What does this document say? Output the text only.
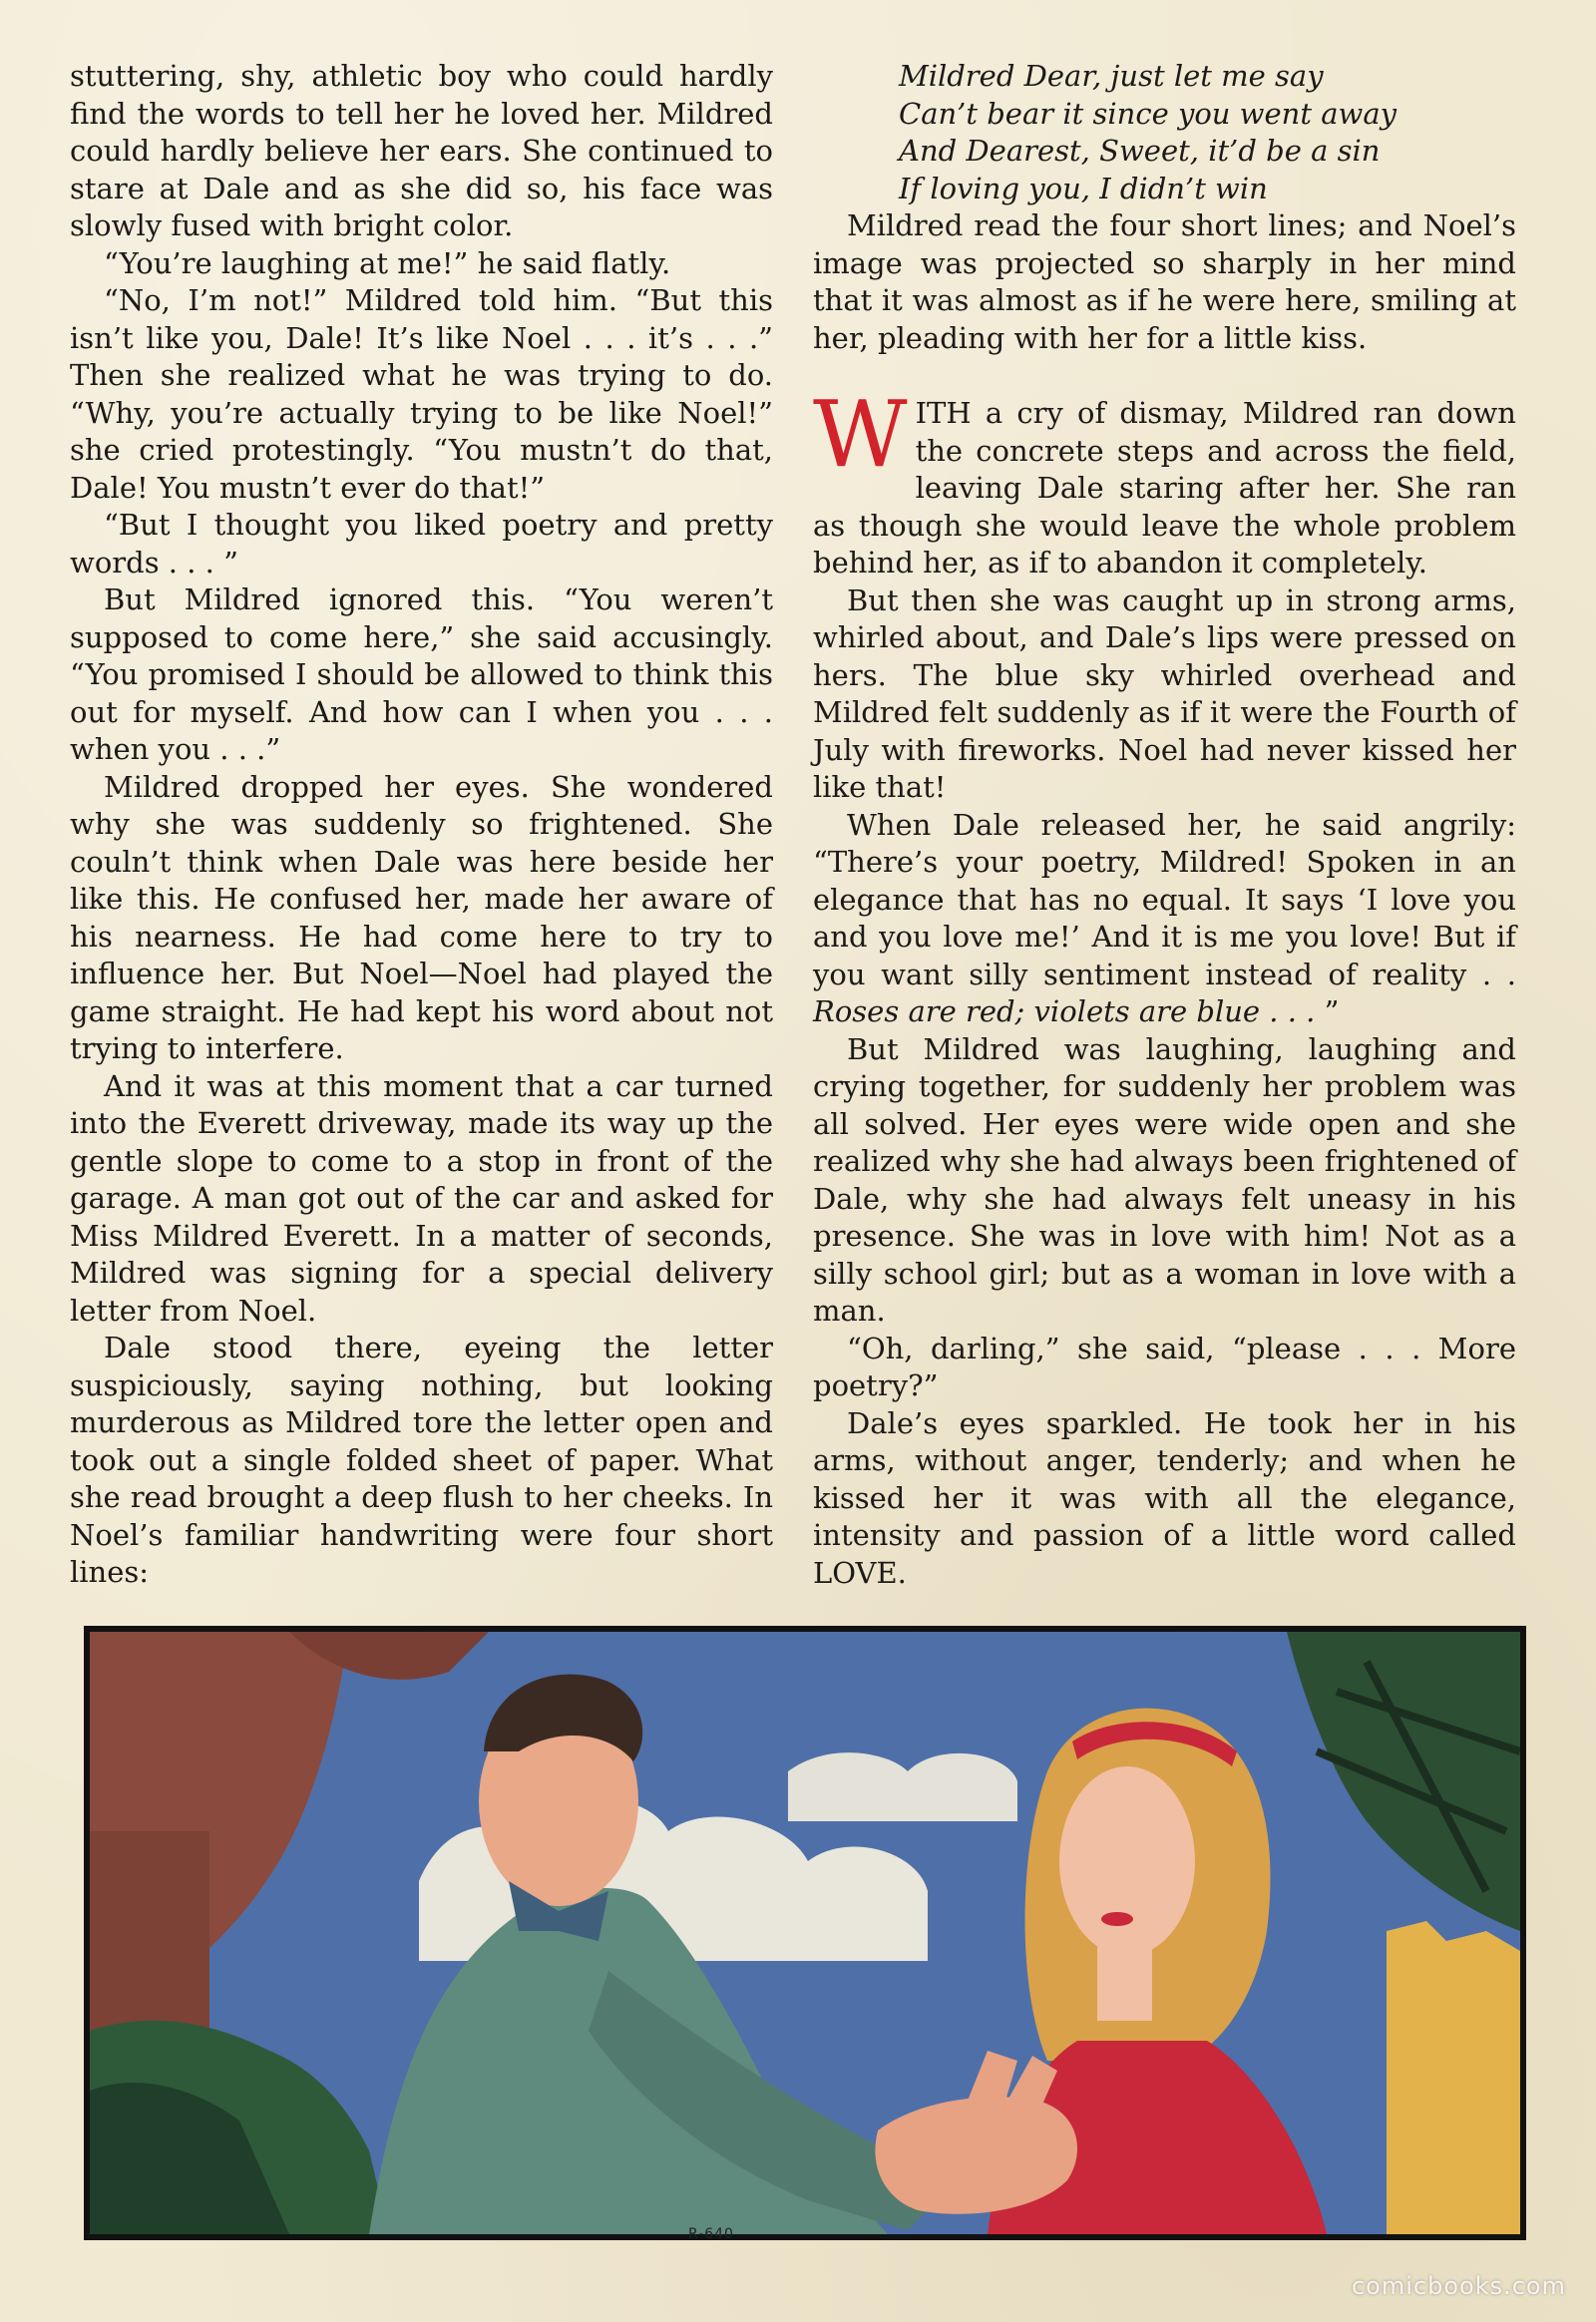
stuttering, shy, athletic boy who could hardly find the words to tell her he loved her. Mildred could hardly believe her ears. She continued to stare at Dale and as she did so, his face was slowly fused with bright color.

“You’re laughing at me!” he said flatly.

“No, I’m not!” Mildred told him. “But this isn’t like you, Dale! It’s like Noel . . . it’s . . .” Then she realized what he was trying to do. “Why, you’re actually trying to be like Noel!” she cried protestingly. “You mustn’t do that, Dale! You mustn’t ever do that!”

“But I thought you liked poetry and pretty words . . . ”

But Mildred ignored this. “You weren’t supposed to come here,” she said accusingly. “You promised I should be allowed to think this out for myself. And how can I when you . . . when you . . .”

Mildred dropped her eyes. She wondered why she was suddenly so frightened. She couln’t think when Dale was here beside her like this. He confused her, made her aware of his nearness. He had come here to try to influence her. But Noel—Noel had played the game straight. He had kept his word about not trying to interfere.

And it was at this moment that a car turned into the Everett driveway, made its way up the gentle slope to come to a stop in front of the garage. A man got out of the car and asked for Miss Mildred Everett. In a matter of seconds, Mildred was signing for a special delivery letter from Noel.

Dale stood there, eyeing the letter suspiciously, saying nothing, but looking murderous as Mildred tore the letter open and took out a single folded sheet of paper. What she read brought a deep flush to her cheeks. In Noel’s familiar handwriting were four short lines:

Mildred Dear, just let me say
Can’t bear it since you went away
And Dearest, Sweet, it’d be a sin
If loving you, I didn’t win

Mildred read the four short lines; and Noel’s image was projected so sharply in her mind that it was almost as if he were here, smiling at her, pleading with her for a little kiss.

WITH a cry of dismay, Mildred ran down the concrete steps and across the field, leaving Dale staring after her. She ran as though she would leave the whole problem behind her, as if to abandon it completely.

But then she was caught up in strong arms, whirled about, and Dale’s lips were pressed on hers. The blue sky whirled overhead and Mildred felt suddenly as if it were the Fourth of July with fireworks. Noel had never kissed her like that!

When Dale released her, he said angrily: “There’s your poetry, Mildred! Spoken in an elegance that has no equal. It says ‘I love you and you love me!’ And it is me you love! But if you want silly sentiment instead of reality . . Roses are red; violets are blue . . . ”

But Mildred was laughing, laughing and crying together, for suddenly her problem was all solved. Her eyes were wide open and she realized why she had always been frightened of Dale, why she had always felt uneasy in his presence. She was in love with him! Not as a silly school girl; but as a woman in love with a man.

“Oh, darling,” she said, “please . . . More poetry?”

Dale’s eyes sparkled. He took her in his arms, without anger, tenderly; and when he kissed her it was with all the elegance, intensity and passion of a little word called LOVE.

R-640
comicbooks.com
